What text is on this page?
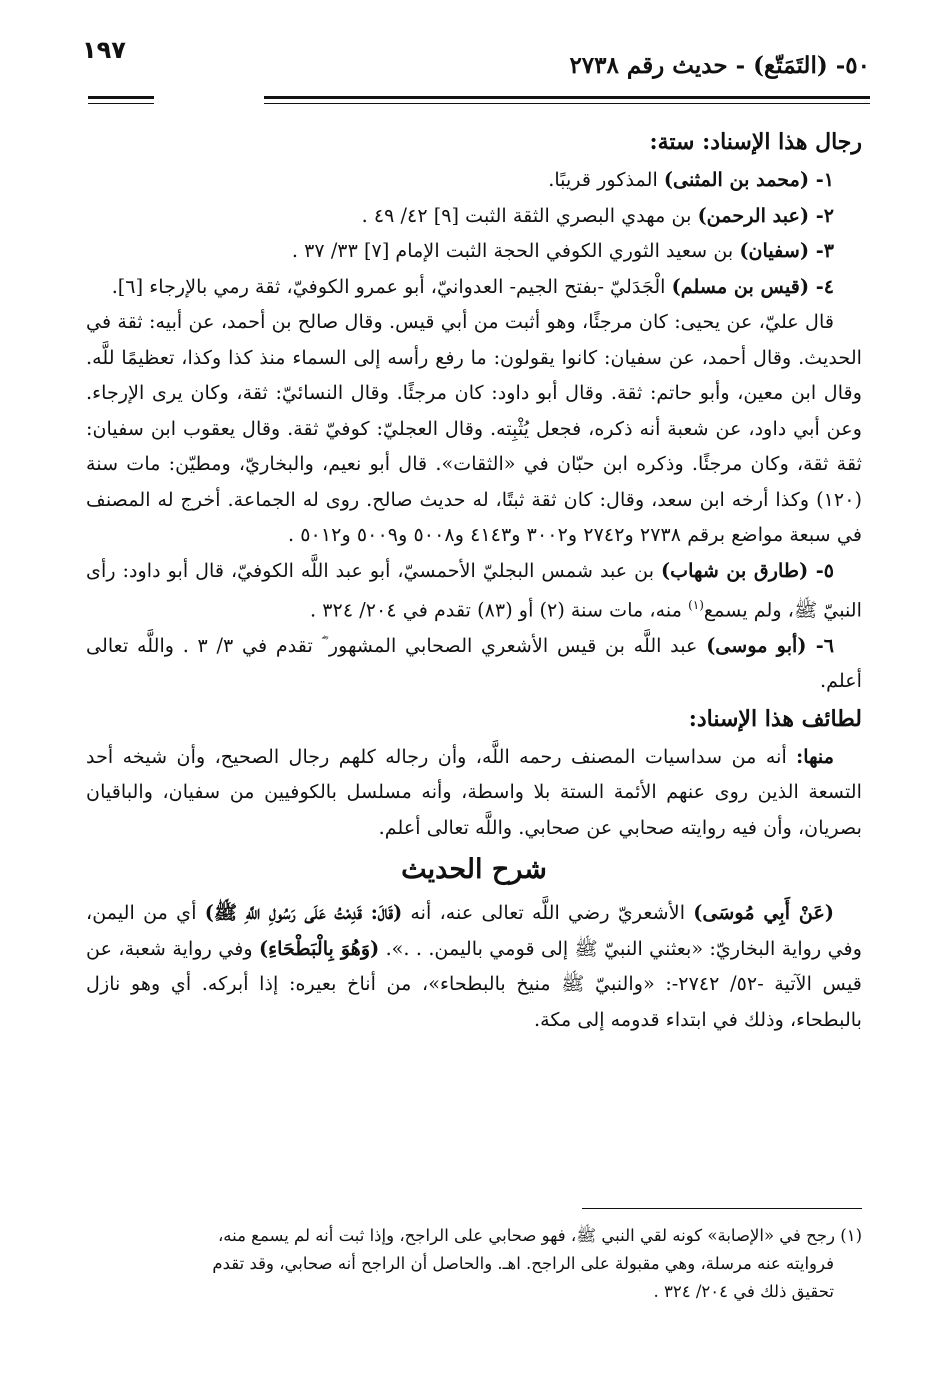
٥٠- (التَمَتّع) - حديث رقم ٢٧٣٨
١٩٧

رجال هذا الإسناد: ستة:

١- (محمد بن المثنى) المذكور قريبًا.

٢- (عبد الرحمن) بن مهدي البصري الثقة الثبت [٩] ٤٢/ ٤٩ .

٣- (سفيان) بن سعيد الثوري الكوفي الحجة الثبت الإمام [٧] ٣٣/ ٣٧ .

٤- (قيس بن مسلم) الْجَدَليّ -بفتح الجيم- العدوانيّ، أبو عمرو الكوفيّ، ثقة رمي بالإرجاء [٦].

قال عليّ، عن يحيى: كان مرجئًا، وهو أثبت من أبي قيس. وقال صالح بن أحمد، عن أبيه: ثقة في الحديث. وقال أحمد، عن سفيان: كانوا يقولون: ما رفع رأسه إلى السماء منذ كذا وكذا، تعظيمًا للَّه. وقال ابن معين، وأبو حاتم: ثقة. وقال أبو داود: كان مرجئًا. وقال النسائيّ: ثقة، وكان يرى الإرجاء. وعن أبي داود، عن شعبة أنه ذكره، فجعل يُثْبِته. وقال العجليّ: كوفيّ ثقة. وقال يعقوب ابن سفيان: ثقة ثقة، وكان مرجئًا. وذكره ابن حبّان في «الثقات». قال أبو نعيم، والبخاريّ، ومطيّن: مات سنة (١٢٠) وكذا أرخه ابن سعد، وقال: كان ثقة ثبتًا، له حديث صالح. روى له الجماعة. أخرج له المصنف في سبعة مواضع برقم ٢٧٣٨ و٢٧٤٢ و٣٠٠٢ و٤١٤٣ و٥٠٠٨ و٥٠٠٩ و٥٠١٢ .

٥- (طارق بن شهاب) بن عبد شمس البجليّ الأحمسيّ، أبو عبد اللَّه الكوفيّ، قال أبو داود: رأى النبيّ ﷺ، ولم يسمع$^{(١)}$ منه، مات سنة (٢) أو (٨٣) تقدم في ٢٠٤/ ٣٢٤ .

٦- (أبو موسى) عبد اللَّه بن قيس الأشعري الصحابي المشهور ؓ تقدم في ٣/ ٣ . واللَّه تعالى أعلم.

لطائف هذا الإسناد:

منها: أنه من سداسيات المصنف رحمه اللَّه، وأن رجاله كلهم رجال الصحيح، وأن شيخه أحد التسعة الذين روى عنهم الأئمة الستة بلا واسطة، وأنه مسلسل بالكوفيين من سفيان، والباقيان بصريان، وأن فيه روايته صحابي عن صحابي. واللَّه تعالى أعلم.

شرح الحديث

(عَنْ أَبِي مُوسَى) الأشعريّ رضي اللَّه تعالى عنه، أنه (قَالَ: قَدِمْتُ عَلَى رَسُولِ اللَّهِ ﷺ) أي من اليمن، وفي رواية البخاريّ: «بعثني النبيّ ﷺ إلى قومي باليمن. . .». (وَهُوَ بِالْبَطْحَاءِ) وفي رواية شعبة، عن قيس الآتية -٥٢/ ٢٧٤٢-: «والنبيّ ﷺ منيخ بالبطحاء»، من أناخ بعيره: إذا أبركه. أي وهو نازل بالبطحاء، وذلك في ابتداء قدومه إلى مكة.

(١) رجح في «الإصابة» كونه لقي النبي ﷺ، فهو صحابي على الراجح، وإذا ثبت أنه لم يسمع منه،

فروايته عنه مرسلة، وهي مقبولة على الراجح. اهـ. والحاصل أن الراجح أنه صحابي، وقد تقدم

تحقيق ذلك في ٢٠٤/ ٣٢٤ .
